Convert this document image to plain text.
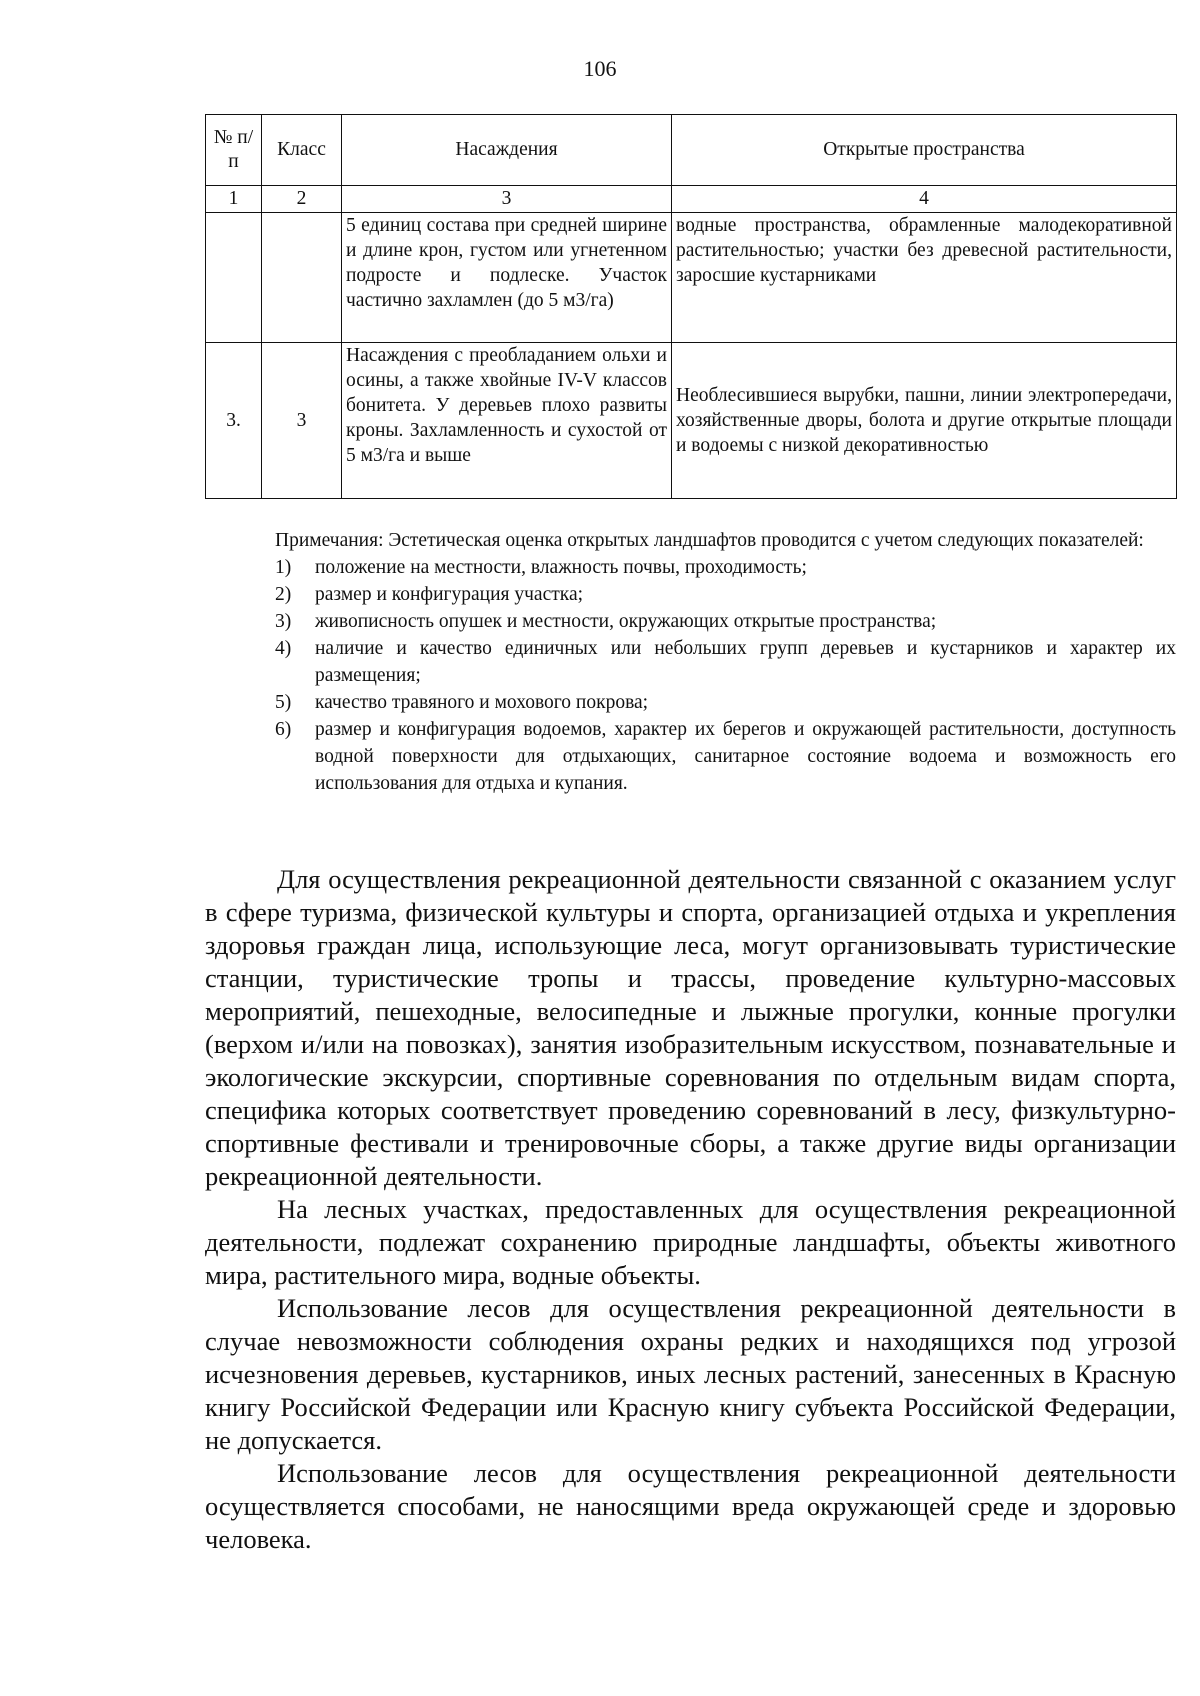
106
№ п/п	Класс	Насаждения	Открытые пространства
1	2	3	4
		5 единиц состава при средней ширине и длине крон, густом или угнетенном подросте и подлеске. Участок частично захламлен (до 5 м3/га)	водные пространства, обрамленные малодекоративной растительностью; участки без древесной растительности, заросшие кустарниками
3.	3	Насаждения с преобладанием ольхи и осины, а также хвойные IV-V классов бонитета. У деревьев плохо развиты кроны. Захламленность и сухостой от 5 м3/га и выше	Необлесившиеся вырубки, пашни, линии электропередачи, хозяйственные дворы, болота и другие открытые площади и водоемы с низкой декоративностью

Примечания: Эстетическая оценка открытых ландшафтов проводится с учетом следующих показателей:

1) положение на местности, влажность почвы, проходимость;
2) размер и конфигурация участка;
3) живописность опушек и местности, окружающих открытые пространства;
4) наличие и качество единичных или небольших групп деревьев и кустарников и характер их размещения;
5) качество травяного и мохового покрова;
6) размер и конфигурация водоемов, характер их берегов и окружающей растительности, доступность водной поверхности для отдыхающих, санитарное состояние водоема и возможность его использования для отдыха и купания.

Для осуществления рекреационной деятельности связанной с оказанием услуг в сфере туризма, физической культуры и спорта, организацией отдыха и укрепления здоровья граждан лица, использующие леса, могут организовывать туристические станции, туристические тропы и трассы, проведение культурно-массовых мероприятий, пешеходные, велосипедные и лыжные прогулки, конные прогулки (верхом и/или на повозках), занятия изобразительным искусством, познавательные и экологические экскурсии, спортивные соревнования по отдельным видам спорта, специфика которых соответствует проведению соревнований в лесу, физкультурно-спортивные фестивали и тренировочные сборы, а также другие виды организации рекреационной деятельности.

На лесных участках, предоставленных для осуществления рекреационной деятельности, подлежат сохранению природные ландшафты, объекты животного мира, растительного мира, водные объекты.

Использование лесов для осуществления рекреационной деятельности в случае невозможности соблюдения охраны редких и находящихся под угрозой исчезновения деревьев, кустарников, иных лесных растений, занесенных в Красную книгу Российской Федерации или Красную книгу субъекта Российской Федерации, не допускается.

Использование лесов для осуществления рекреационной деятельности осуществляется способами, не наносящими вреда окружающей среде и здоровью человека.
